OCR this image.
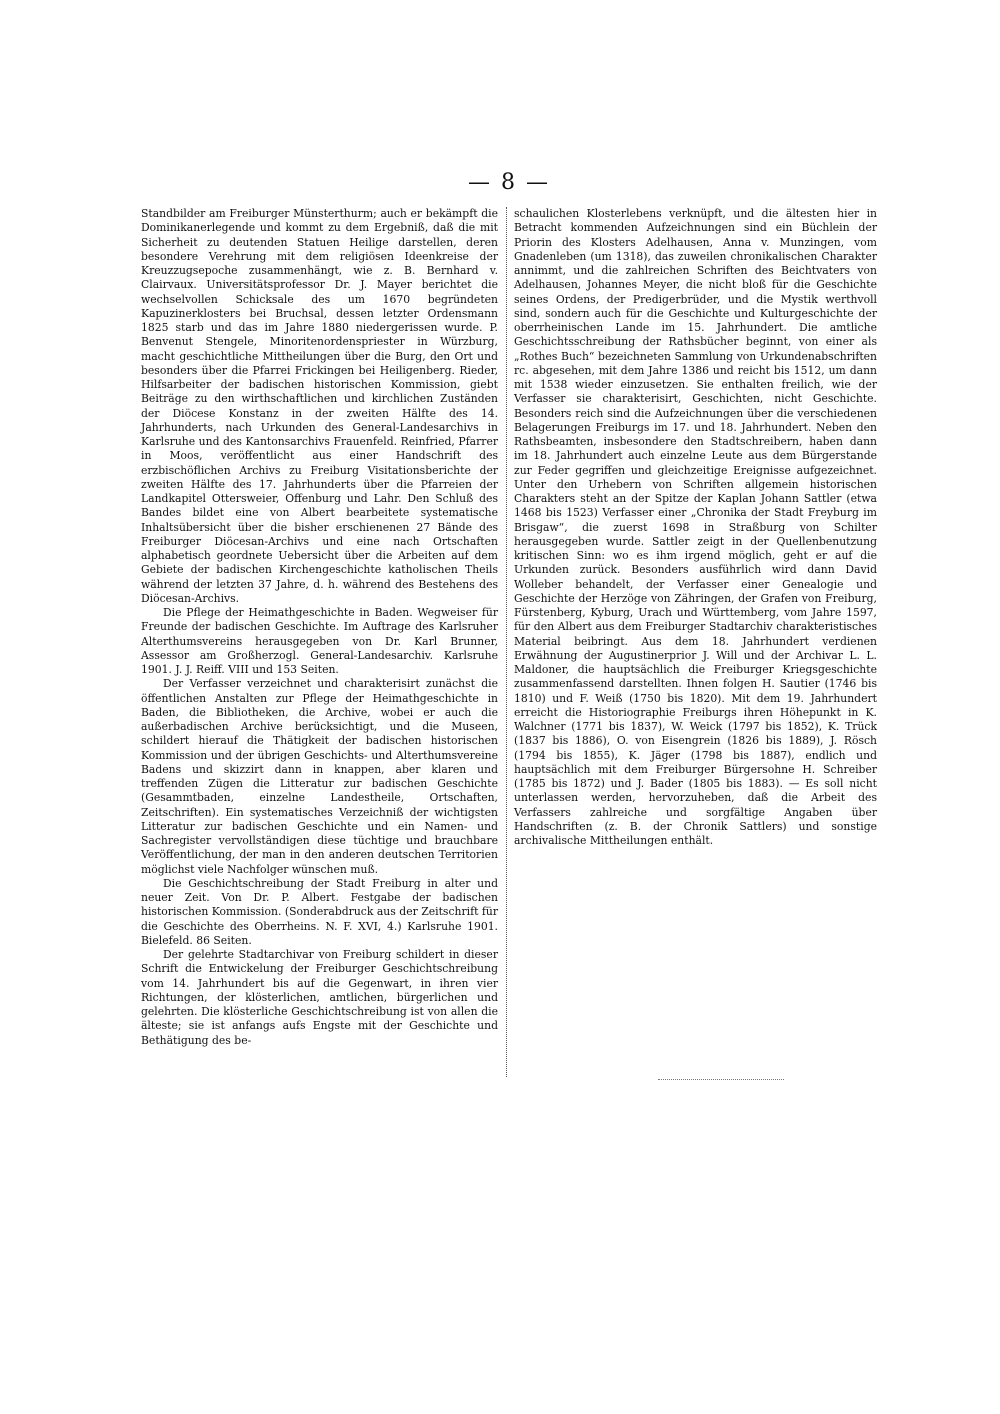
— 8 —

Standbilder am Freiburger Münsterthurm; auch er bekämpft die Dominikanerlegende und kommt zu dem Ergebniß, daß die mit Sicherheit zu deutenden Statuen Heilige darstellen, deren besondere Verehrung mit dem religiösen Ideenkreise der Kreuzzugsepoche zusammenhängt, wie z. B. Bernhard v. Clairvaux. Universitätsprofessor Dr. J. Mayer berichtet die wechselvollen Schicksale des um 1670 begründeten Kapuzinerklosters bei Bruchsal, dessen letzter Ordensmann 1825 starb und das im Jahre 1880 niedergerissen wurde. P. Benvenut Stengele, Minoritenordenspriester in Würzburg, macht geschichtliche Mittheilungen über die Burg, den Ort und besonders über die Pfarrei Frickingen bei Heiligenberg. Rieder, Hilfsarbeiter der badischen historischen Kommission, giebt Beiträge zu den wirthschaftlichen und kirchlichen Zuständen der Diöcese Konstanz in der zweiten Hälfte des 14. Jahrhunderts, nach Urkunden des General-Landesarchivs in Karlsruhe und des Kantonsarchivs Frauenfeld. Reinfried, Pfarrer in Moos, veröffentlicht aus einer Handschrift des erzbischöflichen Archivs zu Freiburg Visitationsberichte der zweiten Hälfte des 17. Jahrhunderts über die Pfarreien der Landkapitel Ottersweier, Offenburg und Lahr. Den Schluß des Bandes bildet eine von Albert bearbeitete systematische Inhaltsübersicht über die bisher erschienenen 27 Bände des Freiburger Diöcesan-Archivs und eine nach Ortschaften alphabetisch geordnete Uebersicht über die Arbeiten auf dem Gebiete der badischen Kirchengeschichte katholischen Theils während der letzten 37 Jahre, d. h. während des Bestehens des Diöcesan-Archivs.

Die Pflege der Heimathgeschichte in Baden. Wegweiser für Freunde der badischen Geschichte. Im Auftrage des Karlsruher Alterthumsvereins herausgegeben von Dr. Karl Brunner, Assessor am Großherzogl. General-Landesarchiv. Karlsruhe 1901. J. J. Reiff. VIII und 153 Seiten.

Der Verfasser verzeichnet und charakterisirt zunächst die öffentlichen Anstalten zur Pflege der Heimathgeschichte in Baden, die Bibliotheken, die Archive, wobei er auch die außerbadischen Archive berücksichtigt, und die Museen, schildert hierauf die Thätigkeit der badischen historischen Kommission und der übrigen Geschichts- und Alterthumsvereine Badens und skizzirt dann in knappen, aber klaren und treffenden Zügen die Litteratur zur badischen Geschichte (Gesammtbaden, einzelne Landestheile, Ortschaften, Zeitschriften). Ein systematisches Verzeichniß der wichtigsten Litteratur zur badischen Geschichte und ein Namen- und Sachregister vervollständigen diese tüchtige und brauchbare Veröffentlichung, der man in den anderen deutschen Territorien möglichst viele Nachfolger wünschen muß.

Die Geschichtschreibung der Stadt Freiburg in alter und neuer Zeit. Von Dr. P. Albert. Festgabe der badischen historischen Kommission. (Sonderabdruck aus der Zeitschrift für die Geschichte des Oberrheins. N. F. XVI, 4.) Karlsruhe 1901. Bielefeld. 86 Seiten.

Der gelehrte Stadtarchivar von Freiburg schildert in dieser Schrift die Entwickelung der Freiburger Geschichtschreibung vom 14. Jahrhundert bis auf die Gegenwart, in ihren vier Richtungen, der klösterlichen, amtlichen, bürgerlichen und gelehrten. Die klösterliche Geschichtschreibung ist von allen die älteste; sie ist anfangs aufs Engste mit der Geschichte und Bethätigung des be-

schaulichen Klosterlebens verknüpft, und die ältesten hier in Betracht kommenden Aufzeichnungen sind ein Büchlein der Priorin des Klosters Adelhausen, Anna v. Munzingen, vom Gnadenleben (um 1318), das zuweilen chronikalischen Charakter annimmt, und die zahlreichen Schriften des Beichtvaters von Adelhausen, Johannes Meyer, die nicht bloß für die Geschichte seines Ordens, der Predigerbrüder, und die Mystik werthvoll sind, sondern auch für die Geschichte und Kulturgeschichte der oberrheinischen Lande im 15. Jahrhundert. Die amtliche Geschichtsschreibung der Rathsbücher beginnt, von einer als „Rothes Buch“ bezeichneten Sammlung von Urkundenabschriften rc. abgesehen, mit dem Jahre 1386 und reicht bis 1512, um dann mit 1538 wieder einzusetzen. Sie enthalten freilich, wie der Verfasser sie charakterisirt, Geschichten, nicht Geschichte. Besonders reich sind die Aufzeichnungen über die verschiedenen Belagerungen Freiburgs im 17. und 18. Jahrhundert. Neben den Rathsbeamten, insbesondere den Stadtschreibern, haben dann im 18. Jahrhundert auch einzelne Leute aus dem Bürgerstande zur Feder gegriffen und gleichzeitige Ereignisse aufgezeichnet. Unter den Urhebern von Schriften allgemein historischen Charakters steht an der Spitze der Kaplan Johann Sattler (etwa 1468 bis 1523) Verfasser einer „Chronika der Stadt Freyburg im Brisgaw“, die zuerst 1698 in Straßburg von Schilter herausgegeben wurde. Sattler zeigt in der Quellenbenutzung kritischen Sinn: wo es ihm irgend möglich, geht er auf die Urkunden zurück. Besonders ausführlich wird dann David Wolleber behandelt, der Verfasser einer Genealogie und Geschichte der Herzöge von Zähringen, der Grafen von Freiburg, Fürstenberg, Kyburg, Urach und Württemberg, vom Jahre 1597, für den Albert aus dem Freiburger Stadtarchiv charakteristisches Material beibringt. Aus dem 18. Jahrhundert verdienen Erwähnung der Augustinerprior J. Will und der Archivar L. L. Maldoner, die hauptsächlich die Freiburger Kriegsgeschichte zusammenfassend darstellten. Ihnen folgen H. Sautier (1746 bis 1810) und F. Weiß (1750 bis 1820). Mit dem 19. Jahrhundert erreicht die Historiographie Freiburgs ihren Höhepunkt in K. Walchner (1771 bis 1837), W. Weick (1797 bis 1852), K. Trück (1837 bis 1886), O. von Eisengrein (1826 bis 1889), J. Rösch (1794 bis 1855), K. Jäger (1798 bis 1887), endlich und hauptsächlich mit dem Freiburger Bürgersohne H. Schreiber (1785 bis 1872) und J. Bader (1805 bis 1883). — Es soll nicht unterlassen werden, hervorzuheben, daß die Arbeit des Verfassers zahlreiche und sorgfältige Angaben über Handschriften (z. B. der Chronik Sattlers) und sonstige archivalische Mittheilungen enthält.
